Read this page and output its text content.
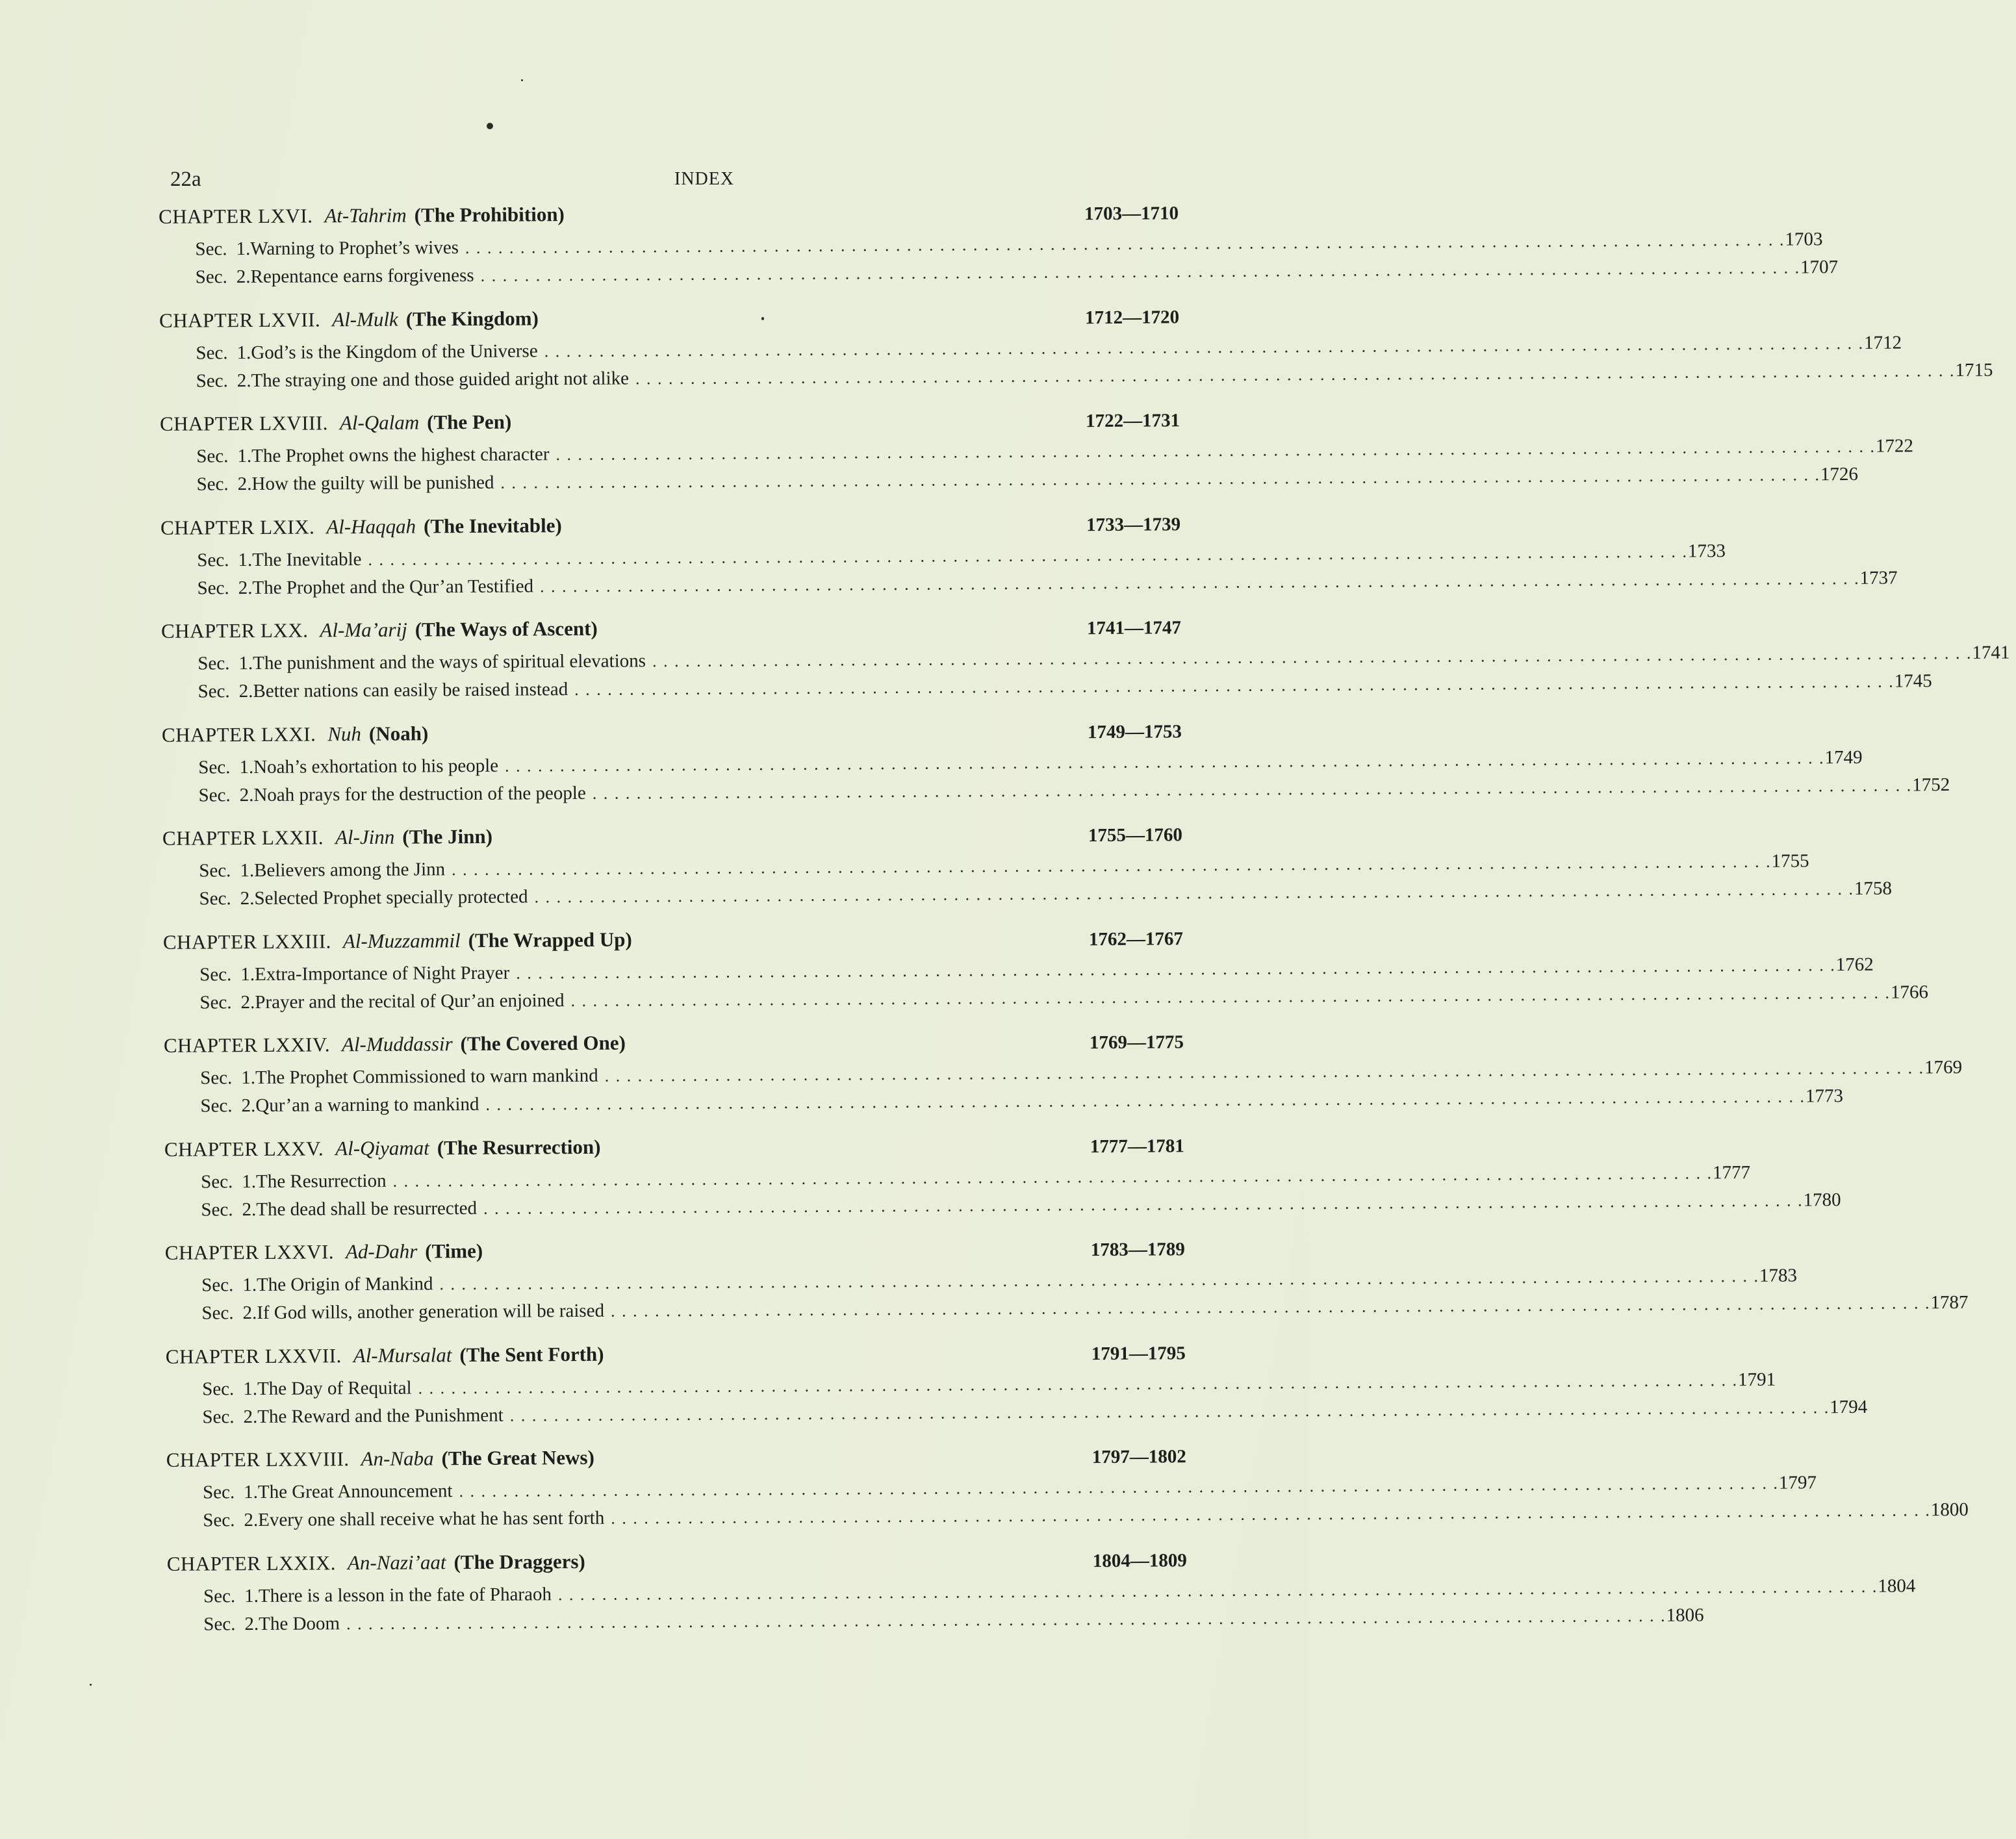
22a	INDEX
CHAPTER LXVI. At-Tahrim (The Prohibition)	1703—1710
Sec. 1. Warning to Prophet’s wives . . . . . . . . . . . . . . . . . . . . . . . . . . . . . . . . . . . . . . . . . . . . . . . . . . . . . . . . . . . . . . . . . . . . . . . . . . . . . . . . . . . . . . . . . . . . . . . . . . . . . . . . . . . . . . . . . . . . . . . . 1703
Sec. 2. Repentance earns forgiveness . . . . . . . . . . . . . . . . . . . . . . . . . . . . . . . . . . . . . . . . . . . . . . . . . . . . . . . . . . . . . . . . . . . . . . . . . . . . . . . . . . . . . . . . . . . . . . . . . . . . . . . . . . . . . . . . . . . . . . . . 1707
CHAPTER LXVII. Al-Mulk (The Kingdom)	1712—1720
Sec. 1. God’s is the Kingdom of the Universe . . . . . . . . . . . . . . . . . . . . . . . . . . . . . . . . . . . . . . . . . . . . . . . . . . . . . . . . . . . . . . . . . . . . . . . . . . . . . . . . . . . . . . . . . . . . . . . . . . . . . . . . . . . . . . . . . . . . . . . . 1712
Sec. 2. The straying one and those guided aright not alike . . . . . . . . . . . . . . . . . . . . . . . . . . . . . . . . . . . . . . . . . . . . . . . . . . . . . . . . . . . . . . . . . . . . . . . . . . . . . . . . . . . . . . . . . . . . . . . . . . . . . . . . . . . . . . . . . . . . . . . . 1715
CHAPTER LXVIII. Al-Qalam (The Pen)	1722—1731
Sec. 1. The Prophet owns the highest character . . . . . . . . . . . . . . . . . . . . . . . . . . . . . . . . . . . . . . . . . . . . . . . . . . . . . . . . . . . . . . . . . . . . . . . . . . . . . . . . . . . . . . . . . . . . . . . . . . . . . . . . . . . . . . . . . . . . . . . . 1722
Sec. 2. How the guilty will be punished . . . . . . . . . . . . . . . . . . . . . . . . . . . . . . . . . . . . . . . . . . . . . . . . . . . . . . . . . . . . . . . . . . . . . . . . . . . . . . . . . . . . . . . . . . . . . . . . . . . . . . . . . . . . . . . . . . . . . . . . 1726
CHAPTER LXIX. Al-Haqqah (The Inevitable)	1733—1739
Sec. 1. The Inevitable . . . . . . . . . . . . . . . . . . . . . . . . . . . . . . . . . . . . . . . . . . . . . . . . . . . . . . . . . . . . . . . . . . . . . . . . . . . . . . . . . . . . . . . . . . . . . . . . . . . . . . . . . . . . . . . . . . . . . . . . 1733
Sec. 2. The Prophet and the Qur’an Testified . . . . . . . . . . . . . . . . . . . . . . . . . . . . . . . . . . . . . . . . . . . . . . . . . . . . . . . . . . . . . . . . . . . . . . . . . . . . . . . . . . . . . . . . . . . . . . . . . . . . . . . . . . . . . . . . . . . . . . . . 1737
CHAPTER LXX. Al-Ma’arij (The Ways of Ascent)	1741—1747
Sec. 1. The punishment and the ways of spiritual elevations . . . . . . . . . . . . . . . . . . . . . . . . . . . . . . . . . . . . . . . . . . . . . . . . . . . . . . . . . . . . . . . . . . . . . . . . . . . . . . . . . . . . . . . . . . . . . . . . . . . . . . . . . . . . . . . . . . . . . . . . 1741
Sec. 2. Better nations can easily be raised instead . . . . . . . . . . . . . . . . . . . . . . . . . . . . . . . . . . . . . . . . . . . . . . . . . . . . . . . . . . . . . . . . . . . . . . . . . . . . . . . . . . . . . . . . . . . . . . . . . . . . . . . . . . . . . . . . . . . . . . . . 1745
CHAPTER LXXI. Nuh (Noah)	1749—1753
Sec. 1. Noah’s exhortation to his people . . . . . . . . . . . . . . . . . . . . . . . . . . . . . . . . . . . . . . . . . . . . . . . . . . . . . . . . . . . . . . . . . . . . . . . . . . . . . . . . . . . . . . . . . . . . . . . . . . . . . . . . . . . . . . . . . . . . . . . . 1749
Sec. 2. Noah prays for the destruction of the people . . . . . . . . . . . . . . . . . . . . . . . . . . . . . . . . . . . . . . . . . . . . . . . . . . . . . . . . . . . . . . . . . . . . . . . . . . . . . . . . . . . . . . . . . . . . . . . . . . . . . . . . . . . . . . . . . . . . . . . . 1752
CHAPTER LXXII. Al-Jinn (The Jinn)	1755—1760
Sec. 1. Believers among the Jinn . . . . . . . . . . . . . . . . . . . . . . . . . . . . . . . . . . . . . . . . . . . . . . . . . . . . . . . . . . . . . . . . . . . . . . . . . . . . . . . . . . . . . . . . . . . . . . . . . . . . . . . . . . . . . . . . . . . . . . . . 1755
Sec. 2. Selected Prophet specially protected . . . . . . . . . . . . . . . . . . . . . . . . . . . . . . . . . . . . . . . . . . . . . . . . . . . . . . . . . . . . . . . . . . . . . . . . . . . . . . . . . . . . . . . . . . . . . . . . . . . . . . . . . . . . . . . . . . . . . . . . 1758
CHAPTER LXXIII. Al-Muzzammil (The Wrapped Up)	1762—1767
Sec. 1. Extra-Importance of Night Prayer . . . . . . . . . . . . . . . . . . . . . . . . . . . . . . . . . . . . . . . . . . . . . . . . . . . . . . . . . . . . . . . . . . . . . . . . . . . . . . . . . . . . . . . . . . . . . . . . . . . . . . . . . . . . . . . . . . . . . . . . 1762
Sec. 2. Prayer and the recital of Qur’an enjoined . . . . . . . . . . . . . . . . . . . . . . . . . . . . . . . . . . . . . . . . . . . . . . . . . . . . . . . . . . . . . . . . . . . . . . . . . . . . . . . . . . . . . . . . . . . . . . . . . . . . . . . . . . . . . . . . . . . . . . . . 1766
CHAPTER LXXIV. Al-Muddassir (The Covered One)	1769—1775
Sec. 1. The Prophet Commissioned to warn mankind . . . . . . . . . . . . . . . . . . . . . . . . . . . . . . . . . . . . . . . . . . . . . . . . . . . . . . . . . . . . . . . . . . . . . . . . . . . . . . . . . . . . . . . . . . . . . . . . . . . . . . . . . . . . . . . . . . . . . . . . 1769
Sec. 2. Qur’an a warning to mankind . . . . . . . . . . . . . . . . . . . . . . . . . . . . . . . . . . . . . . . . . . . . . . . . . . . . . . . . . . . . . . . . . . . . . . . . . . . . . . . . . . . . . . . . . . . . . . . . . . . . . . . . . . . . . . . . . . . . . . . . 1773
CHAPTER LXXV. Al-Qiyamat (The Resurrection)	1777—1781
Sec. 1. The Resurrection . . . . . . . . . . . . . . . . . . . . . . . . . . . . . . . . . . . . . . . . . . . . . . . . . . . . . . . . . . . . . . . . . . . . . . . . . . . . . . . . . . . . . . . . . . . . . . . . . . . . . . . . . . . . . . . . . . . . . . . . 1777
Sec. 2. The dead shall be resurrected . . . . . . . . . . . . . . . . . . . . . . . . . . . . . . . . . . . . . . . . . . . . . . . . . . . . . . . . . . . . . . . . . . . . . . . . . . . . . . . . . . . . . . . . . . . . . . . . . . . . . . . . . . . . . . . . . . . . . . . . 1780
CHAPTER LXXVI. Ad-Dahr (Time)	1783—1789
Sec. 1. The Origin of Mankind . . . . . . . . . . . . . . . . . . . . . . . . . . . . . . . . . . . . . . . . . . . . . . . . . . . . . . . . . . . . . . . . . . . . . . . . . . . . . . . . . . . . . . . . . . . . . . . . . . . . . . . . . . . . . . . . . . . . . . . . 1783
Sec. 2. If God wills, another generation will be raised . . . . . . . . . . . . . . . . . . . . . . . . . . . . . . . . . . . . . . . . . . . . . . . . . . . . . . . . . . . . . . . . . . . . . . . . . . . . . . . . . . . . . . . . . . . . . . . . . . . . . . . . . . . . . . . . . . . . . . . . 1787
CHAPTER LXXVII. Al-Mursalat (The Sent Forth)	1791—1795
Sec. 1. The Day of Requital . . . . . . . . . . . . . . . . . . . . . . . . . . . . . . . . . . . . . . . . . . . . . . . . . . . . . . . . . . . . . . . . . . . . . . . . . . . . . . . . . . . . . . . . . . . . . . . . . . . . . . . . . . . . . . . . . . . . . . . . 1791
Sec. 2. The Reward and the Punishment . . . . . . . . . . . . . . . . . . . . . . . . . . . . . . . . . . . . . . . . . . . . . . . . . . . . . . . . . . . . . . . . . . . . . . . . . . . . . . . . . . . . . . . . . . . . . . . . . . . . . . . . . . . . . . . . . . . . . . . . 1794
CHAPTER LXXVIII. An-Naba (The Great News)	1797—1802
Sec. 1. The Great Announcement . . . . . . . . . . . . . . . . . . . . . . . . . . . . . . . . . . . . . . . . . . . . . . . . . . . . . . . . . . . . . . . . . . . . . . . . . . . . . . . . . . . . . . . . . . . . . . . . . . . . . . . . . . . . . . . . . . . . . . . . 1797
Sec. 2. Every one shall receive what he has sent forth . . . . . . . . . . . . . . . . . . . . . . . . . . . . . . . . . . . . . . . . . . . . . . . . . . . . . . . . . . . . . . . . . . . . . . . . . . . . . . . . . . . . . . . . . . . . . . . . . . . . . . . . . . . . . . . . . . . . . . . . 1800
CHAPTER LXXIX. An-Nazi’aat (The Draggers)	1804—1809
Sec. 1. There is a lesson in the fate of Pharaoh . . . . . . . . . . . . . . . . . . . . . . . . . . . . . . . . . . . . . . . . . . . . . . . . . . . . . . . . . . . . . . . . . . . . . . . . . . . . . . . . . . . . . . . . . . . . . . . . . . . . . . . . . . . . . . . . . . . . . . . . 1804
Sec. 2. The Doom . . . . . . . . . . . . . . . . . . . . . . . . . . . . . . . . . . . . . . . . . . . . . . . . . . . . . . . . . . . . . . . . . . . . . . . . . . . . . . . . . . . . . . . . . . . . . . . . . . . . . . . . . . . . . . . . . . . . . . . . 1806
